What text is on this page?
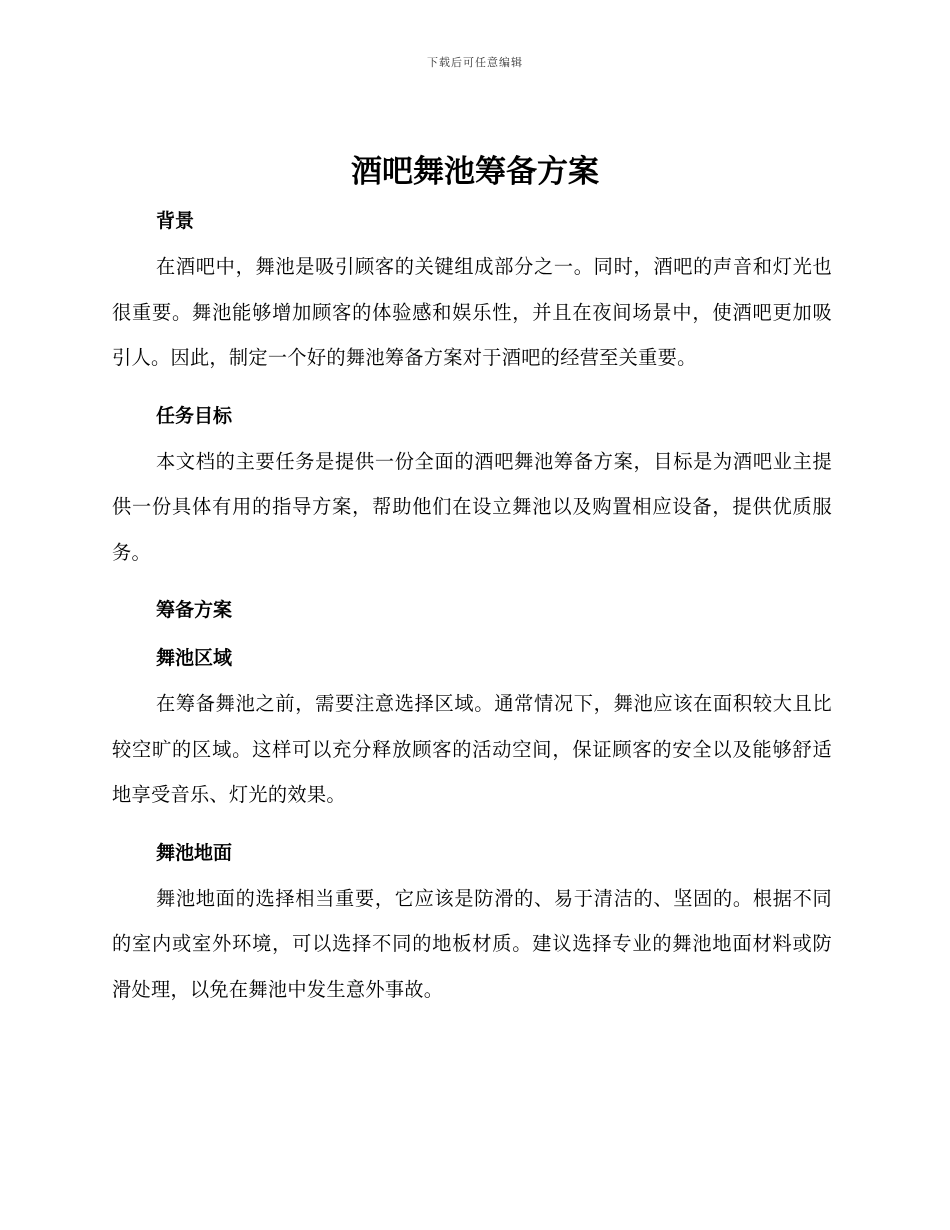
下载后可任意编辑
酒吧舞池筹备方案
背景

在酒吧中，舞池是吸引顾客的关键组成部分之一。同时，酒吧的声音和灯光也很重要。舞池能够增加顾客的体验感和娱乐性，并且在夜间场景中，使酒吧更加吸引人。因此，制定一个好的舞池筹备方案对于酒吧的经营至关重要。

任务目标

本文档的主要任务是提供一份全面的酒吧舞池筹备方案，目标是为酒吧业主提供一份具体有用的指导方案，帮助他们在设立舞池以及购置相应设备，提供优质服务。

筹备方案
舞池区域

在筹备舞池之前，需要注意选择区域。通常情况下，舞池应该在面积较大且比较空旷的区域。这样可以充分释放顾客的活动空间，保证顾客的安全以及能够舒适地享受音乐、灯光的效果。

舞池地面

舞池地面的选择相当重要，它应该是防滑的、易于清洁的、坚固的。根据不同的室内或室外环境，可以选择不同的地板材质。建议选择专业的舞池地面材料或防滑处理，以免在舞池中发生意外事故。
